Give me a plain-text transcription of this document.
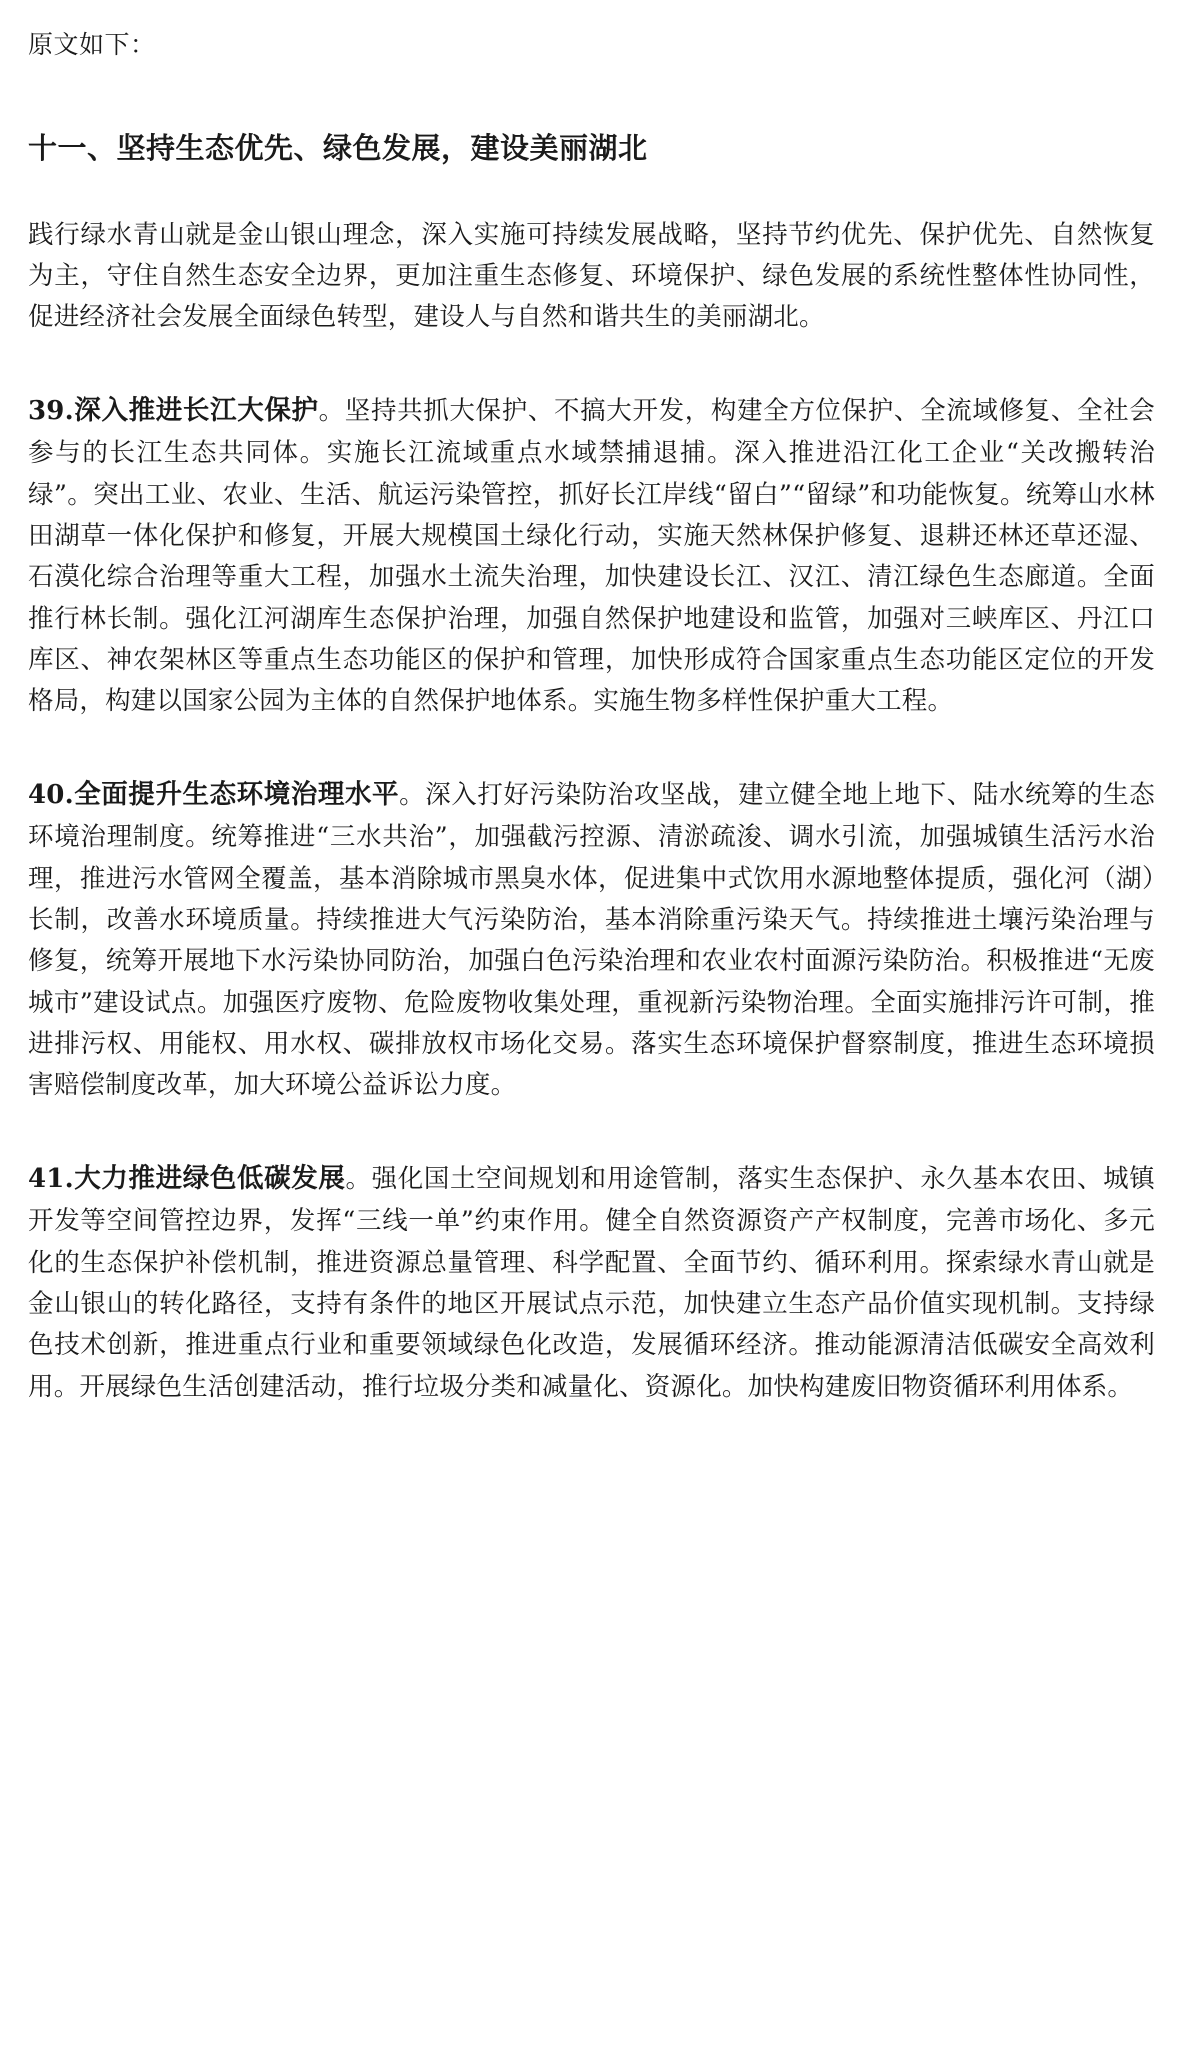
原文如下：

十一、坚持生态优先、绿色发展，建设美丽湖北

践行绿水青山就是金山银山理念，深入实施可持续发展战略，坚持节约优先、保护优先、自然恢复为主，守住自然生态安全边界，更加注重生态修复、环境保护、绿色发展的系统性整体性协同性，促进经济社会发展全面绿色转型，建设人与自然和谐共生的美丽湖北。

39.深入推进长江大保护。坚持共抓大保护、不搞大开发，构建全方位保护、全流域修复、全社会参与的长江生态共同体。实施长江流域重点水域禁捕退捕。深入推进沿江化工企业“关改搬转治绿”。突出工业、农业、生活、航运污染管控，抓好长江岸线“留白”“留绿”和功能恢复。统筹山水林田湖草一体化保护和修复，开展大规模国土绿化行动，实施天然林保护修复、退耕还林还草还湿、石漠化综合治理等重大工程，加强水土流失治理，加快建设长江、汉江、清江绿色生态廊道。全面推行林长制。强化江河湖库生态保护治理，加强自然保护地建设和监管，加强对三峡库区、丹江口库区、神农架林区等重点生态功能区的保护和管理，加快形成符合国家重点生态功能区定位的开发格局，构建以国家公园为主体的自然保护地体系。实施生物多样性保护重大工程。

40.全面提升生态环境治理水平。深入打好污染防治攻坚战，建立健全地上地下、陆水统筹的生态环境治理制度。统筹推进“三水共治”，加强截污控源、清淤疏浚、调水引流，加强城镇生活污水治理，推进污水管网全覆盖，基本消除城市黑臭水体，促进集中式饮用水源地整体提质，强化河（湖）长制，改善水环境质量。持续推进大气污染防治，基本消除重污染天气。持续推进土壤污染治理与修复，统筹开展地下水污染协同防治，加强白色污染治理和农业农村面源污染防治。积极推进“无废城市”建设试点。加强医疗废物、危险废物收集处理，重视新污染物治理。全面实施排污许可制，推进排污权、用能权、用水权、碳排放权市场化交易。落实生态环境保护督察制度，推进生态环境损害赔偿制度改革，加大环境公益诉讼力度。

41.大力推进绿色低碳发展。强化国土空间规划和用途管制，落实生态保护、永久基本农田、城镇开发等空间管控边界，发挥“三线一单”约束作用。健全自然资源资产产权制度，完善市场化、多元化的生态保护补偿机制，推进资源总量管理、科学配置、全面节约、循环利用。探索绿水青山就是金山银山的转化路径，支持有条件的地区开展试点示范，加快建立生态产品价值实现机制。支持绿色技术创新，推进重点行业和重要领域绿色化改造，发展循环经济。推动能源清洁低碳安全高效利用。开展绿色生活创建活动，推行垃圾分类和减量化、资源化。加快构建废旧物资循环利用体系。
